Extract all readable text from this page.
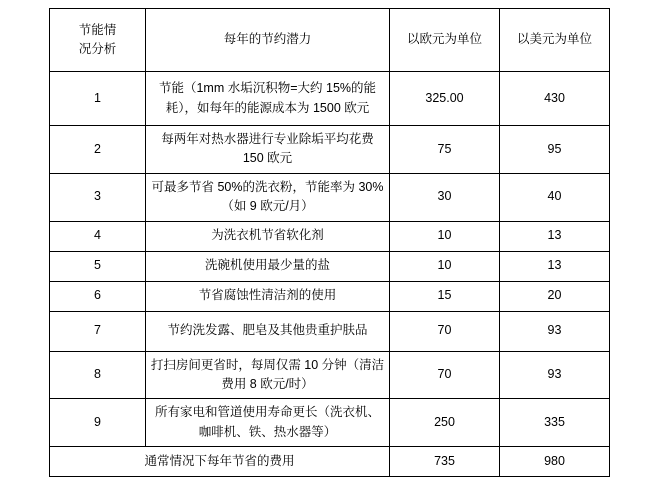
节能情
况分析	每年的节约潜力	以欧元为单位	以美元为单位
1	节能（1mm 水垢沉积物=大约 15%的能耗），如每年的能源成本为 1500 欧元	325.00	430
2	每两年对热水器进行专业除垢平均花费 150 欧元	75	95
3	可最多节省 50%的洗衣粉，节能率为 30%（如 9 欧元/月）	30	40
4	为洗衣机节省软化剂	10	13
5	洗碗机使用最少量的盐	10	13
6	节省腐蚀性清洁剂的使用	15	20
7	节约洗发露、肥皂及其他贵重护肤品	70	93
8	打扫房间更省时，每周仅需 10 分钟（清洁费用 8 欧元/时）	70	93
9	所有家电和管道使用寿命更长（洗衣机、咖啡机、铁、热水器等）	250	335
通常情况下每年节省的费用		735	980
